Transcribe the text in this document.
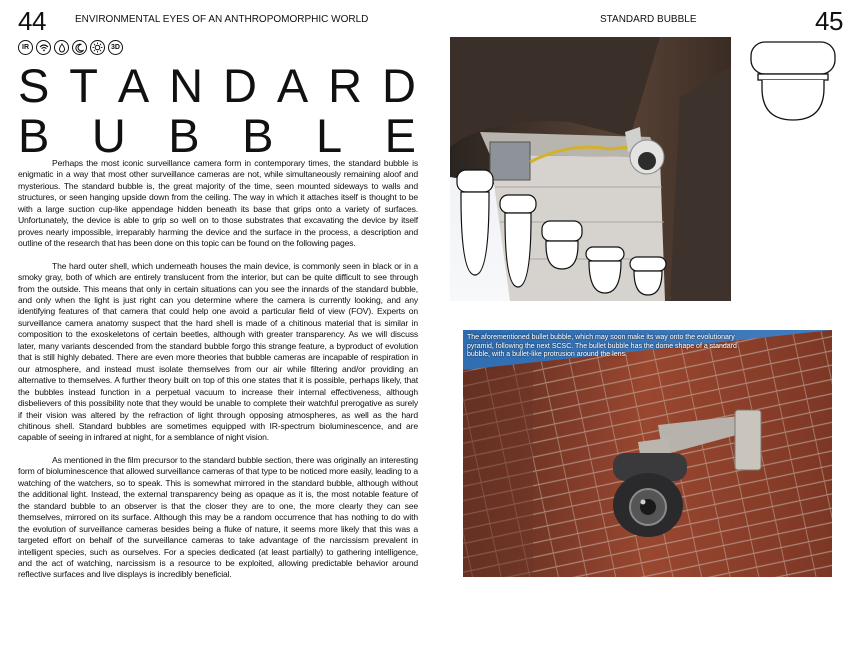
44	ENVIRONMENTAL EYES OF AN ANTHROPOMORPHIC WORLD
IR	3D
S T A N D A R D
B U B B L E

Perhaps the most iconic surveillance camera form in contemporary times, the standard bubble is enigmatic in a way that most other surveillance cameras are not, while simultaneously remaining aloof and mysterious. The standard bubble is, the great majority of the time, seen mounted sideways to walls and structures, or seen hanging upside down from the ceiling. The way in which it attaches itself is thought to be with a large suction cup-like appendage hidden beneath its base that grips onto a variety of surfaces. Unfortunately, the device is able to grip so well on to those substrates that excavating the device by itself proves nearly impossible, irreparably harming the device and the surface in the process, a description and outline of the research that has been done on this topic can be found on the following pages.

The hard outer shell, which underneath houses the main device, is commonly seen in black or in a smoky gray, both of which are entirely translucent from the interior, but can be quite difficult to see through from the outside. This means that only in certain situations can you see the innards of the standard bubble, and only when the light is just right can you determine where the camera is currently looking, and any identifying features of that camera that could help one avoid a particular field of view (FOV). Experts on surveillance camera anatomy suspect that the hard shell is made of a chitinous material that is similar in composition to the exoskeletons of certain beetles, although with greater transparency. As we will discuss later, many variants descended from the standard bubble forgo this strange feature, a byproduct of evolution that is still highly debated. There are even more theories that bubble cameras are incapable of respiration in our atmosphere, and instead must isolate themselves from our air while filtering and/or providing an alternative to themselves. A further theory built on top of this one states that it is possible, perhaps likely, that the bubbles instead function in a perpetual vacuum to increase their internal effectiveness, although disbelievers of this possibility note that they would be unable to complete their watchful prerogative as surely if their vision was altered by the refraction of light through opposing atmospheres, as well as the hard chitinous shell. Standard bubbles are sometimes equipped with IR-spectrum bioluminescence, and are capable of seeing in infrared at night, for a semblance of night vision.

As mentioned in the film precursor to the standard bubble section, there was originally an interesting form of bioluminescence that allowed surveillance cameras of that type to be noticed more easily, leading to a watching of the watchers, so to speak. This is somewhat mirrored in the standard bubble, although without the additional light. Instead, the external transparency being as opaque as it is, the most notable feature of the standard bubble to an observer is that the closer they are to one, the more clearly they can see themselves, mirrored on its surface. Although this may be a random occurrence that has nothing to do with the evolution of surveillance cameras besides being a fluke of nature, it seems more likely that this was a targeted effort on behalf of the surveillance cameras to take advantage of the narcissism prevalent in intelligent species, such as ourselves. For a species dedicated (at least partially) to gathering intelligence, and the act of watching, narcissism is a resource to be exploited, allowing predictable behavior around reflective surfaces and live displays is incredibly beneficial.

STANDARD BUBBLE	45
The aforementioned bullet bubble, which may soon make its way onto the evolutionary pyramid, following the next SCSC. The bullet bubble has the dome shape of a standard bubble, with a bullet-like protrusion around the lens.
